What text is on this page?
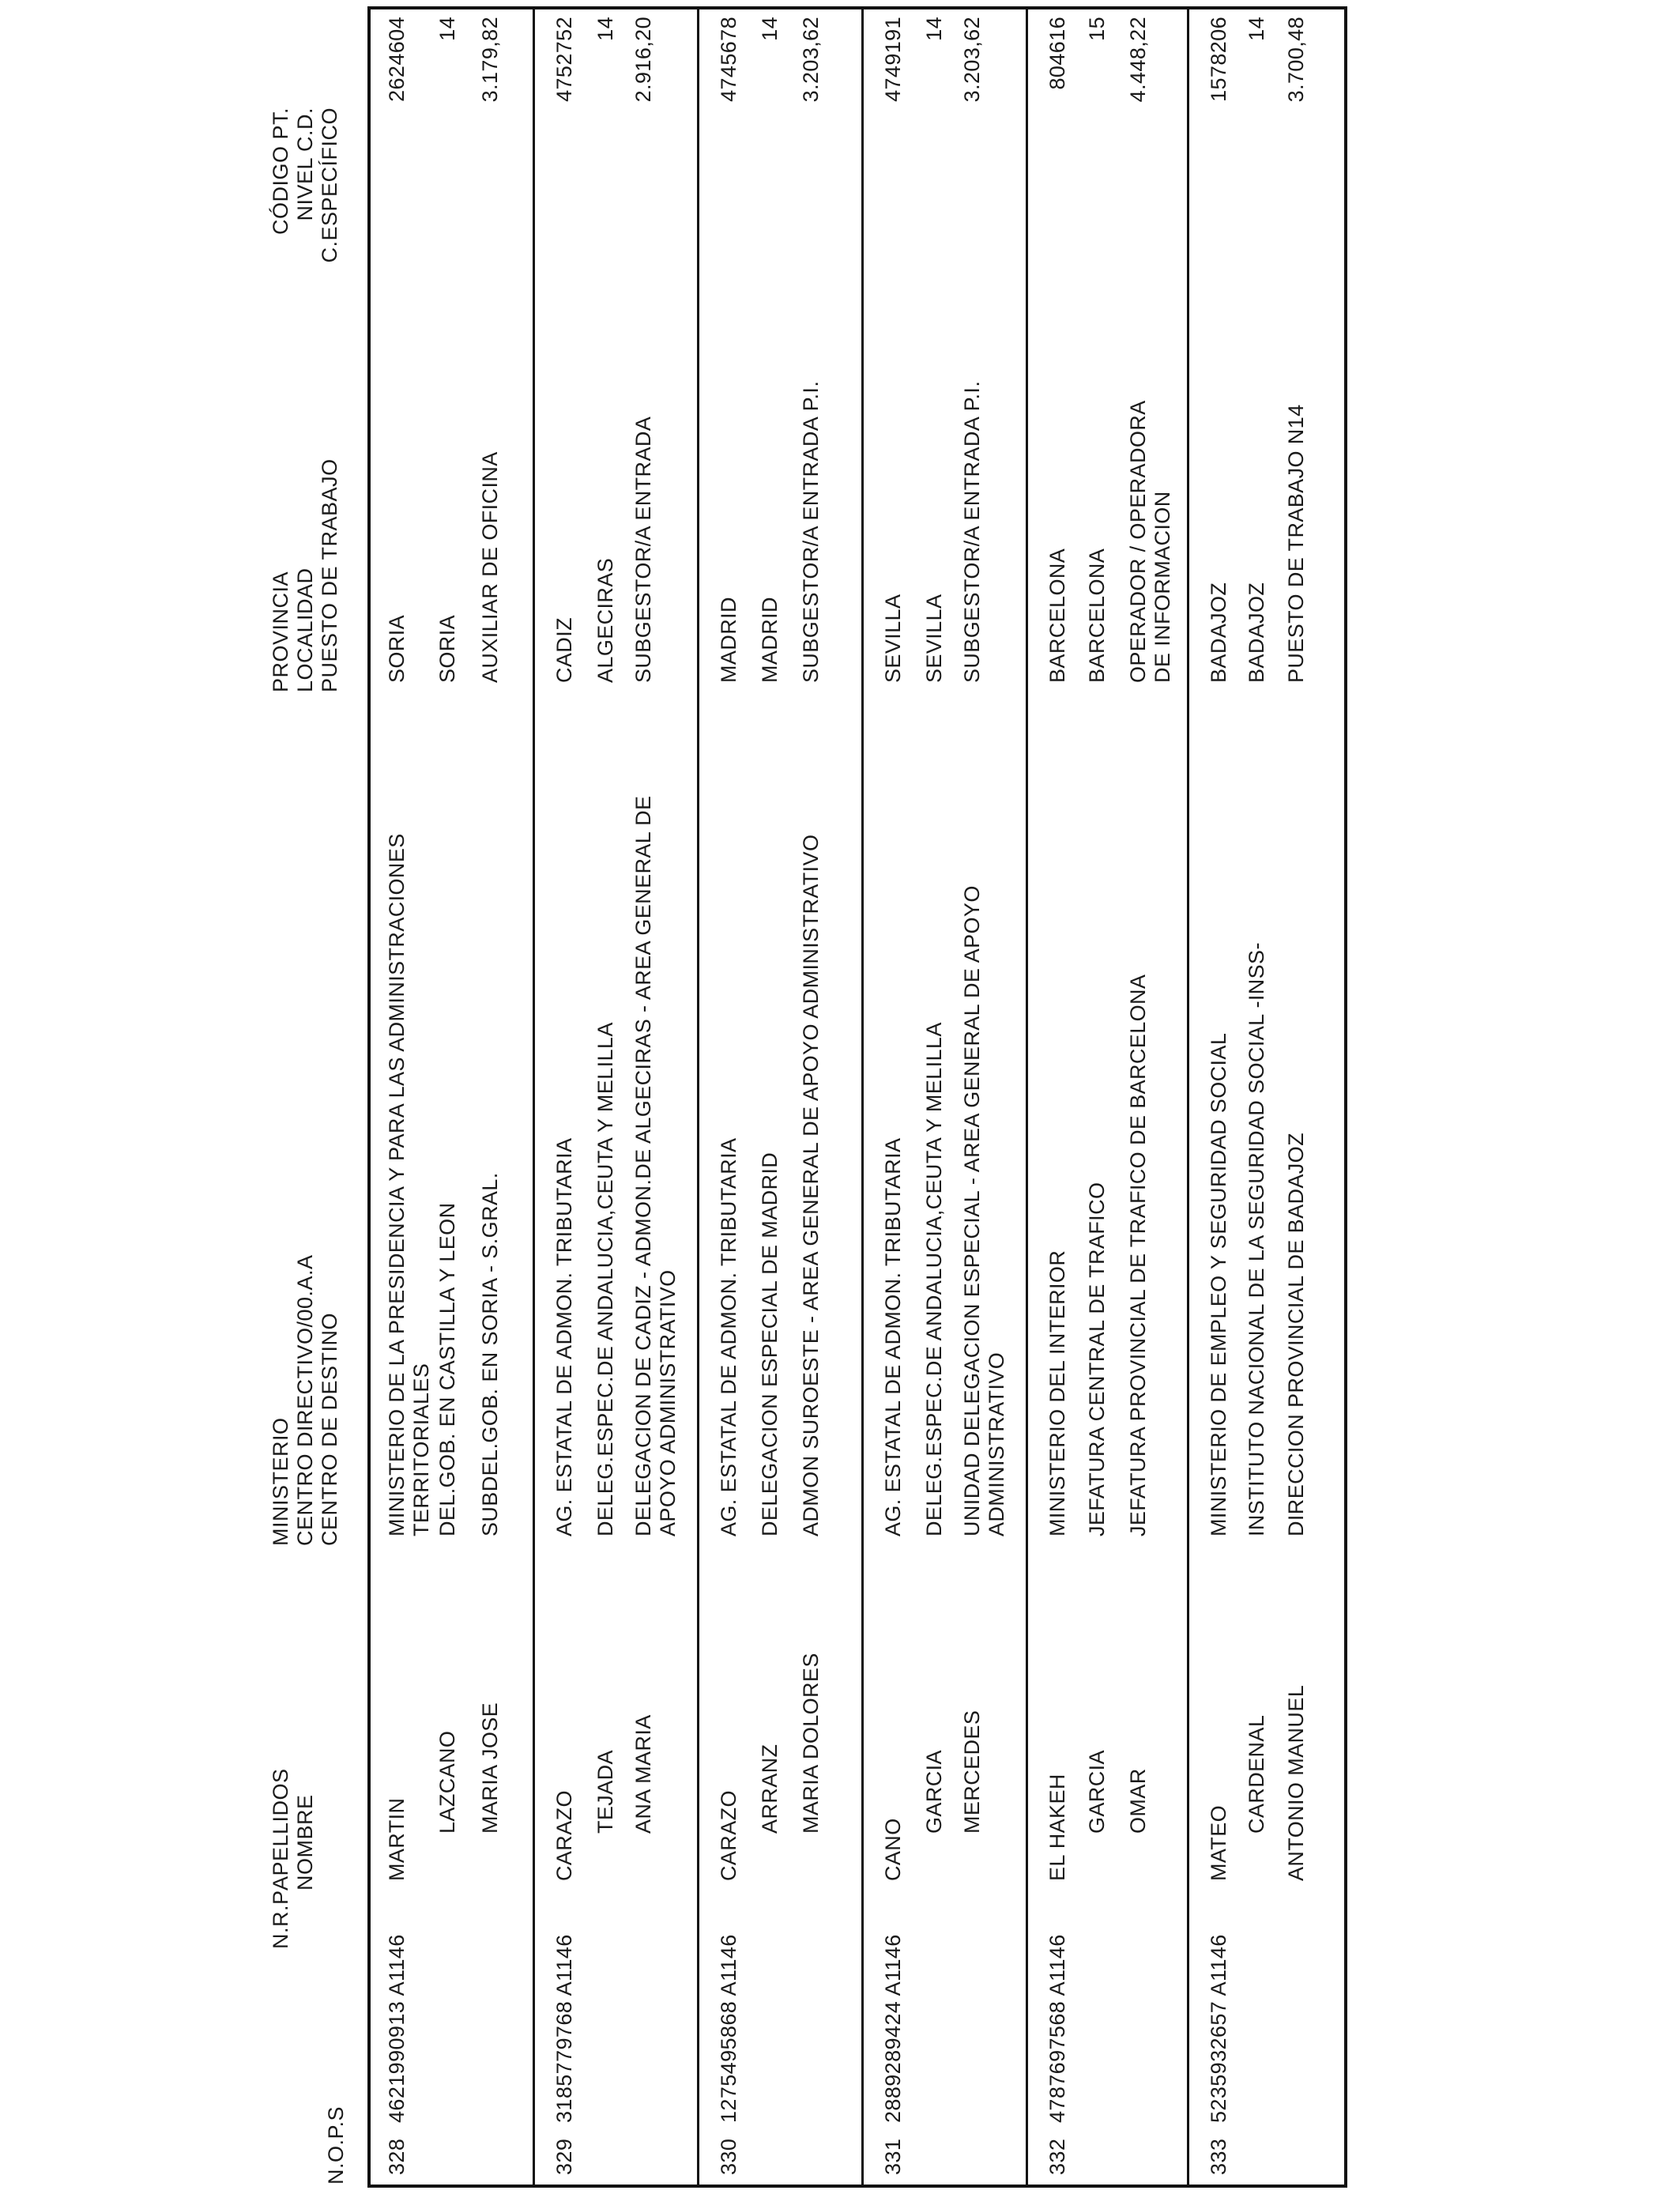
N.O.P.S
N.R.P
APELLIDOS NOMBRE
MINISTERIO CENTRO DIRECTIVO/00.A.A CENTRO DE DESTINO
PROVINCIA LOCALIDAD PUESTO DE TRABAJO
CÓDIGO PT. NIVEL C.D. C.ESPECÍFICO
328
4621990913 A1146
MARTIN
MINISTERIO DE LA PRESIDENCIA Y PARA LAS ADMINISTRACIONES TERRITORIALES
SORIA
2624604
LAZCANO
DEL.GOB. EN CASTILLA Y LEON
SORIA
14
MARIA JOSE
SUBDEL.GOB. EN SORIA - S.GRAL.
AUXILIAR DE OFICINA
3.179,82
329
3185779768 A1146
CARAZO
AG. ESTATAL DE ADMON. TRIBUTARIA
CADIZ
4752752
TEJADA
DELEG.ESPEC.DE ANDALUCIA,CEUTA Y MELILLA
ALGECIRAS
14
ANA MARIA
DELEGACION DE CADIZ - ADMON.DE ALGECIRAS - AREA GENERAL DE APOYO ADMINISTRATIVO
SUBGESTOR/A ENTRADA
2.916,20
330
1275495868 A1146
CARAZO
AG. ESTATAL DE ADMON. TRIBUTARIA
MADRID
4745678
ARRANZ
DELEGACION ESPECIAL DE MADRID
MADRID
14
MARIA DOLORES
ADMON SUROESTE - AREA GENERAL DE APOYO ADMINISTRATIVO
SUBGESTOR/A ENTRADA P.I.
3.203,62
331
2889289424 A1146
CANO
AG. ESTATAL DE ADMON. TRIBUTARIA
SEVILLA
4749191
GARCIA
DELEG.ESPEC.DE ANDALUCIA,CEUTA Y MELILLA
SEVILLA
14
MERCEDES
UNIDAD DELEGACION ESPECIAL - AREA GENERAL DE APOYO ADMINISTRATIVO
SUBGESTOR/A ENTRADA P.I.
3.203,62
332
4787697568 A1146
EL HAKEH
MINISTERIO DEL INTERIOR
BARCELONA
804616
GARCIA
JEFATURA CENTRAL DE TRAFICO
BARCELONA
15
OMAR
JEFATURA PROVINCIAL DE TRAFICO DE BARCELONA
OPERADOR / OPERADORA DE INFORMACION
4.448,22
333
5235932657 A1146
MATEO
MINISTERIO DE EMPLEO Y SEGURIDAD SOCIAL
BADAJOZ
1578206
CARDENAL
INSTITUTO NACIONAL DE LA SEGURIDAD SOCIAL -INSS-
BADAJOZ
14
ANTONIO MANUEL
DIRECCION PROVINCIAL DE BADAJOZ
PUESTO DE TRABAJO N14
3.700,48
